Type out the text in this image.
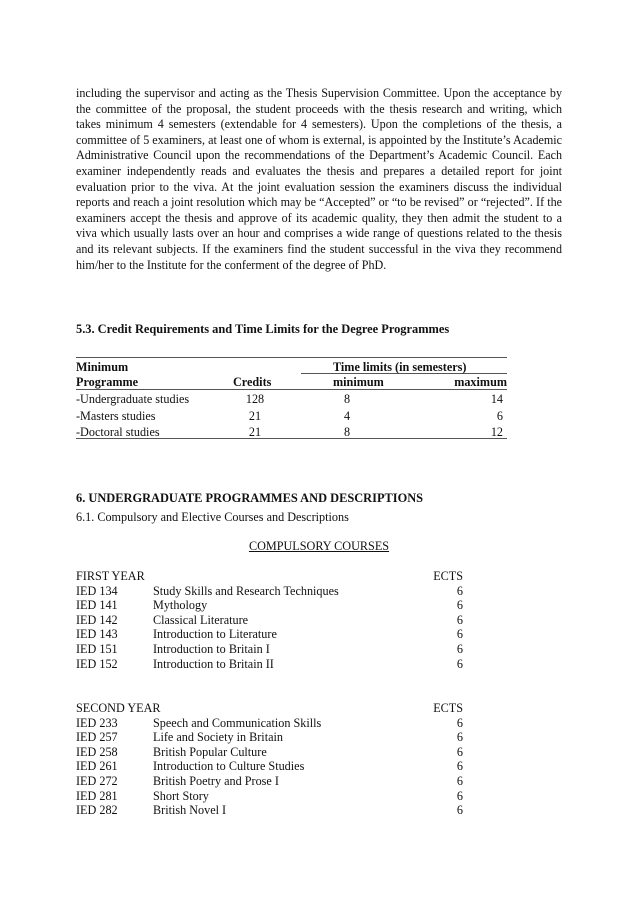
including the supervisor and acting as the Thesis Supervision Committee. Upon the acceptance by the committee of the proposal, the student proceeds with the thesis research and writing, which takes minimum 4 semesters (extendable for 4 semesters). Upon the completions of the thesis, a committee of 5 examiners, at least one of whom is external, is appointed by the Institute’s Academic Administrative Council upon the recommendations of the Department’s Academic Council. Each examiner independently reads and evaluates the thesis and prepares a detailed report for joint evaluation prior to the viva. At the joint evaluation session the examiners discuss the individual reports and reach a joint resolution which may be “Accepted” or “to be revised” or “rejected”. If the examiners accept the thesis and approve of its academic quality, they then admit the student to a viva which usually lasts over an hour and comprises a wide range of questions related to the thesis and its relevant subjects. If the examiners find the student successful in the viva they recommend him/her to the Institute for the conferment of the degree of PhD.

5.3. Credit Requirements and Time Limits for the Degree Programmes

Minimum	Time limits (in semesters)
Programme	Credits	minimum	maximum
-Undergraduate studies	128	8	14
-Masters studies	21	4	6
-Doctoral studies	21	8	12

6. UNDERGRADUATE PROGRAMMES AND DESCRIPTIONS

6.1. Compulsory and Elective Courses and Descriptions

COMPULSORY COURSES

FIRST YEAR	ECTS
IED 134	Study Skills and Research Techniques	6
IED 141	Mythology	6
IED 142	Classical Literature	6
IED 143	Introduction to Literature	6
IED 151	Introduction to Britain I	6
IED 152	Introduction to Britain II	6
SECOND YEAR	ECTS
IED 233	Speech and Communication Skills	6
IED 257	Life and Society in Britain	6
IED 258	British Popular Culture	6
IED 261	Introduction to Culture Studies	6
IED 272	British Poetry and Prose I	6
IED 281	Short Story	6
IED 282	British Novel I	6
